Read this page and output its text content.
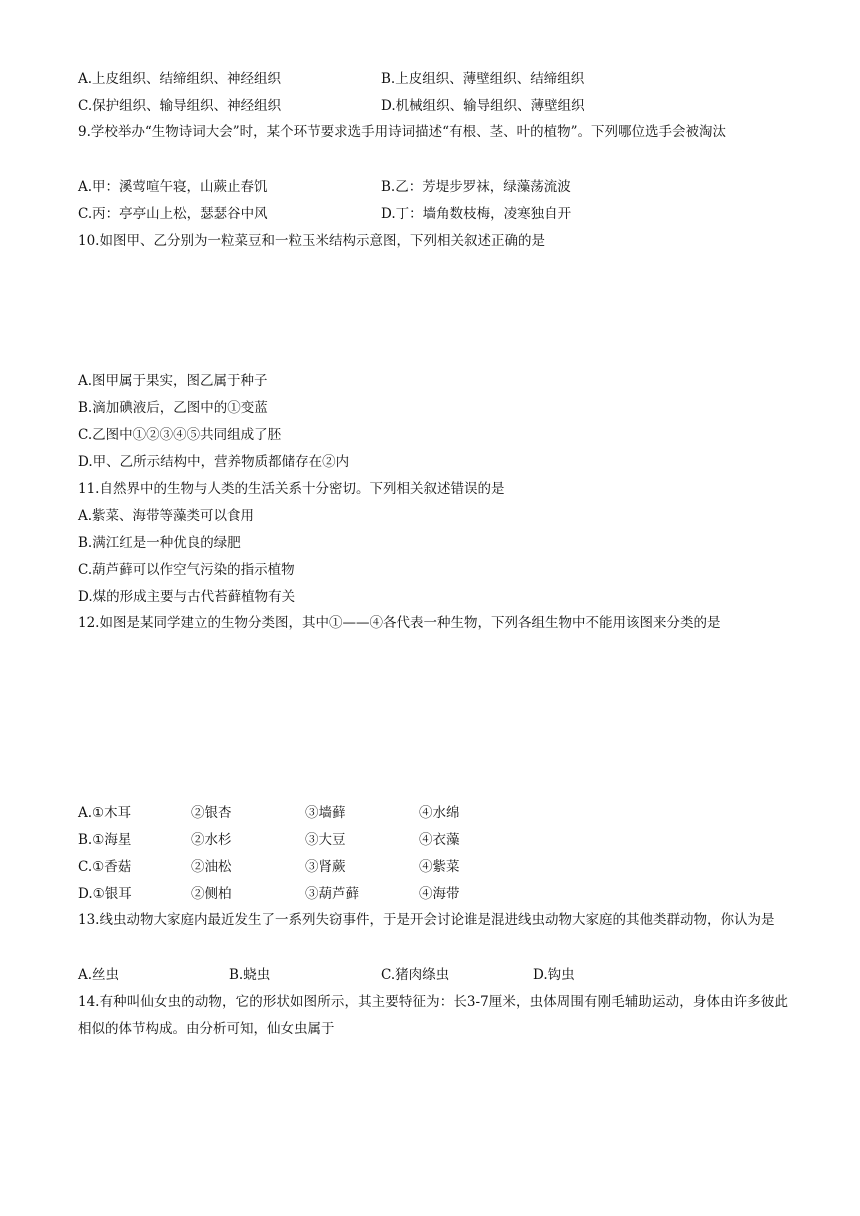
A.上皮组织、结缔组织、神经组织	B.上皮组织、薄壁组织、结缔组织
C.保护组织、输导组织、神经组织	D.机械组织、输导组织、薄壁组织
9.学校举办“生物诗词大会”时，某个环节要求选手用诗词描述“有根、茎、叶的植物”。下列哪位选手会被淘汰
A.甲：溪莺喧午寝，山蕨止春饥	B.乙：芳堤步罗袜，绿藻荡流波
C.丙：亭亭山上松，瑟瑟谷中风	D.丁：墙角数枝梅，凌寒独自开
10.如图甲、乙分别为一粒菜豆和一粒玉米结构示意图，下列相关叙述正确的是
A.图甲属于果实，图乙属于种子
B.滴加碘液后，乙图中的①变蓝
C.乙图中①②③④⑤共同组成了胚
D.甲、乙所示结构中，营养物质都储存在②内
11.自然界中的生物与人类的生活关系十分密切。下列相关叙述错误的是
A.紫菜、海带等藻类可以食用
B.满江红是一种优良的绿肥
C.葫芦藓可以作空气污染的指示植物
D.煤的形成主要与古代苔藓植物有关
12.如图是某同学建立的生物分类图，其中①——④各代表一种生物，下列各组生物中不能用该图来分类的是
A.①木耳	②银杏	③墙藓	④水绵
B.①海星	②水杉	③大豆	④衣藻
C.①香菇	②油松	③肾蕨	④紫菜
D.①银耳	②侧柏	③葫芦藓	④海带
13.线虫动物大家庭内最近发生了一系列失窃事件，于是开会讨论谁是混进线虫动物大家庭的其他类群动物，你认为是
A.丝虫	B.蛲虫	C.猪肉绦虫	D.钩虫
14.有种叫仙女虫的动物，它的形状如图所示，其主要特征为：长3-7厘米，虫体周围有刚毛辅助运动，身体由许多彼此相似的体节构成。由分析可知，仙女虫属于
